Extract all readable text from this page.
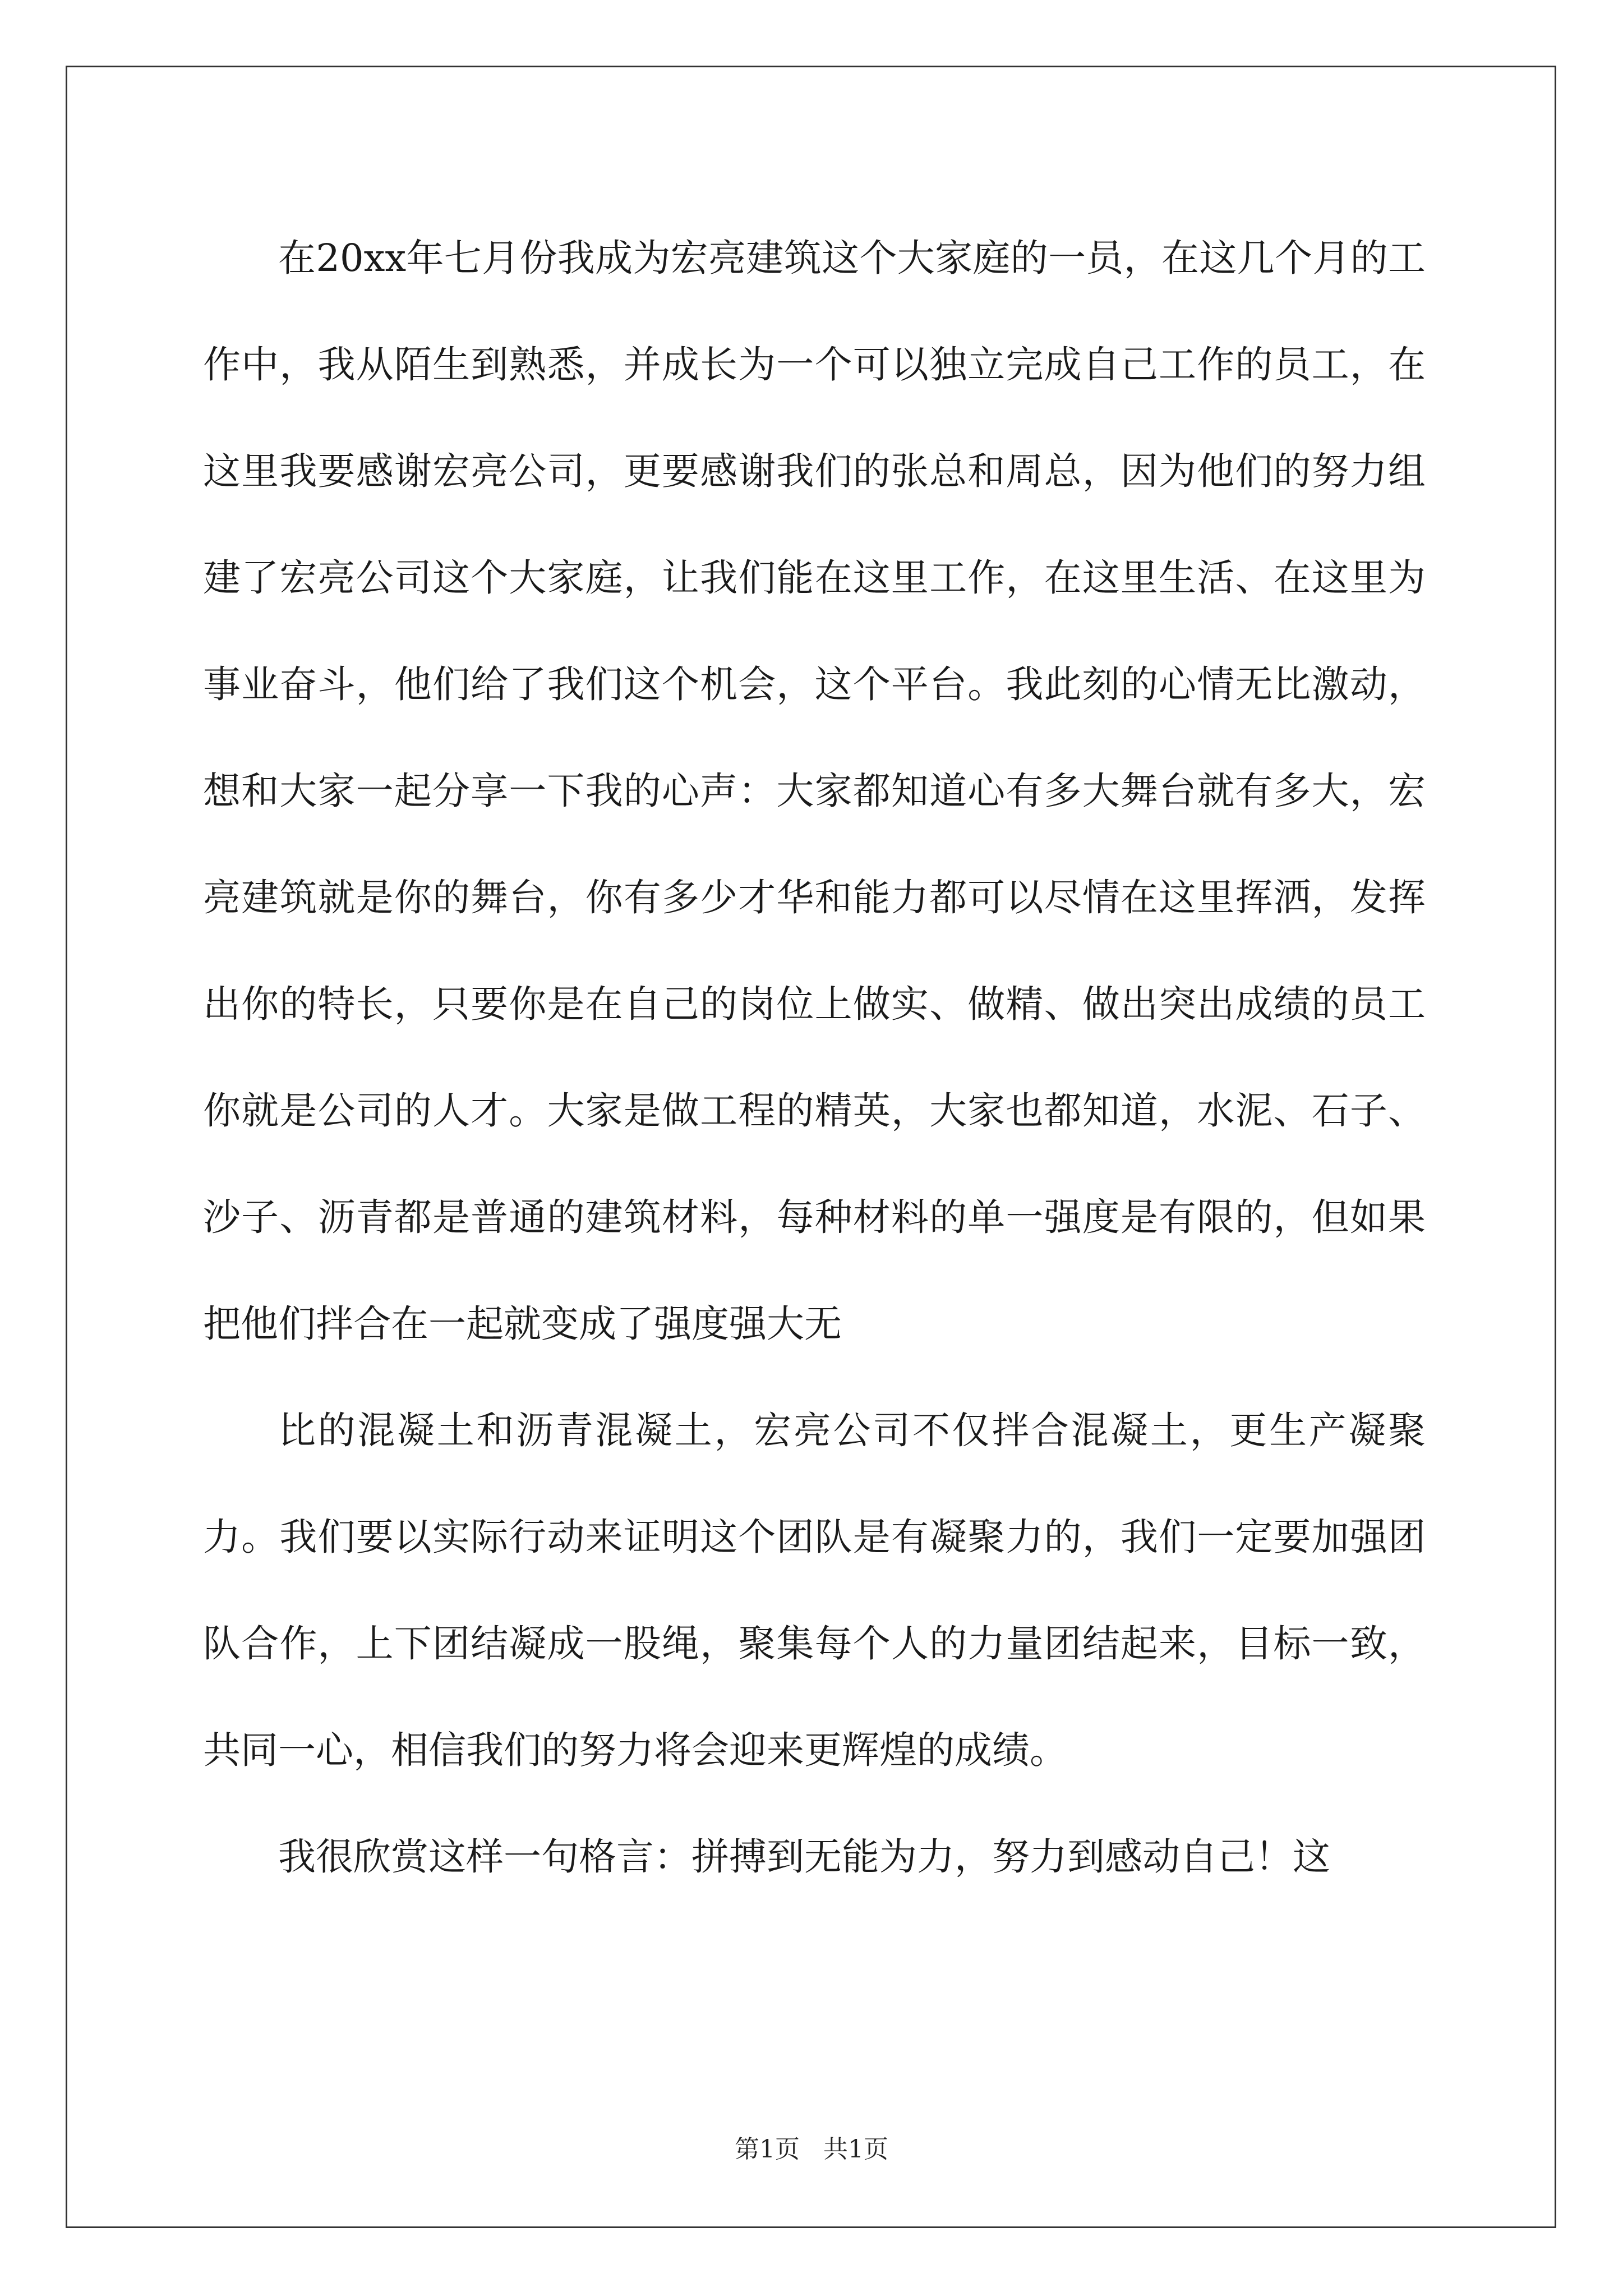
在20xx年七月份我成为宏亮建筑这个大家庭的一员，在这几个月的工作中，我从陌生到熟悉，并成长为一个可以独立完成自己工作的员工，在这里我要感谢宏亮公司，更要感谢我们的张总和周总，因为他们的努力组建了宏亮公司这个大家庭，让我们能在这里工作，在这里生活、在这里为事业奋斗，他们给了我们这个机会，这个平台。我此刻的心情无比激动，想和大家一起分享一下我的心声：大家都知道心有多大舞台就有多大，宏亮建筑就是你的舞台，你有多少才华和能力都可以尽情在这里挥洒，发挥出你的特长，只要你是在自己的岗位上做实、做精、做出突出成绩的员工你就是公司的人才。大家是做工程的精英，大家也都知道，水泥、石子、沙子、沥青都是普通的建筑材料，每种材料的单一强度是有限的，但如果把他们拌合在一起就变成了强度强大无

比的混凝土和沥青混凝土，宏亮公司不仅拌合混凝土，更生产凝聚力。我们要以实际行动来证明这个团队是有凝聚力的，我们一定要加强团队合作，上下团结凝成一股绳，聚集每个人的力量团结起来，目标一致，共同一心，相信我们的努力将会迎来更辉煌的成绩。

我很欣赏这样一句格言：拼搏到无能为力，努力到感动自己！这

第1页   共1页
